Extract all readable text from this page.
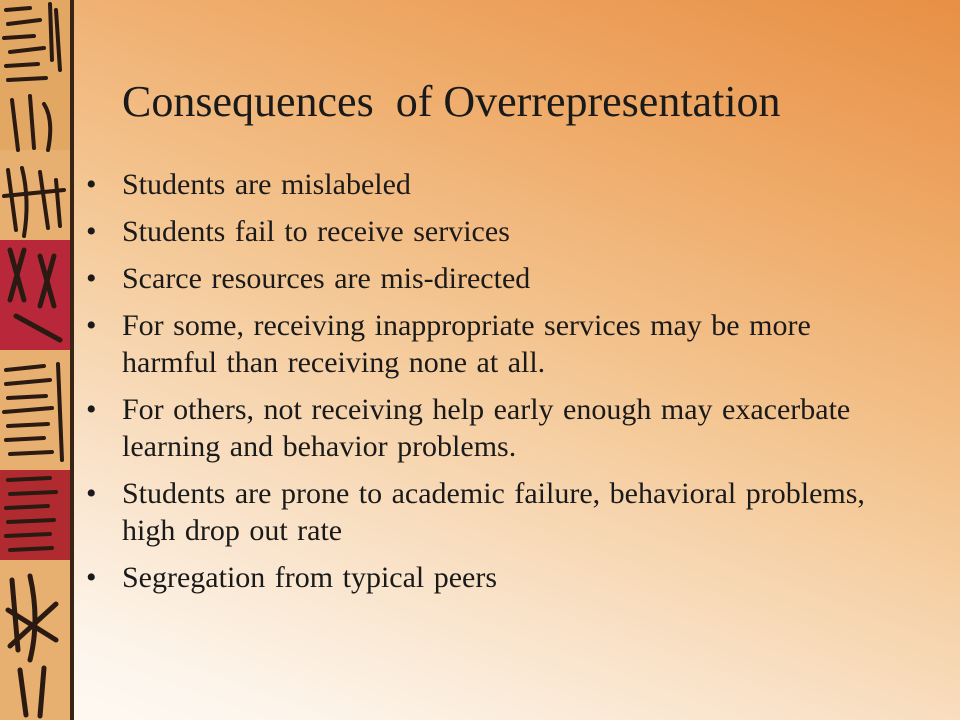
Consequences  of Overrepresentation
• Students are mislabeled
• Students fail to receive services
• Scarce resources are mis-directed
• For some, receiving inappropriate services may be more harmful than receiving none at all.
• For others, not receiving help early enough may exacerbate learning and behavior problems.
• Students are prone to academic failure, behavioral problems, high drop out rate
• Segregation from typical peers
